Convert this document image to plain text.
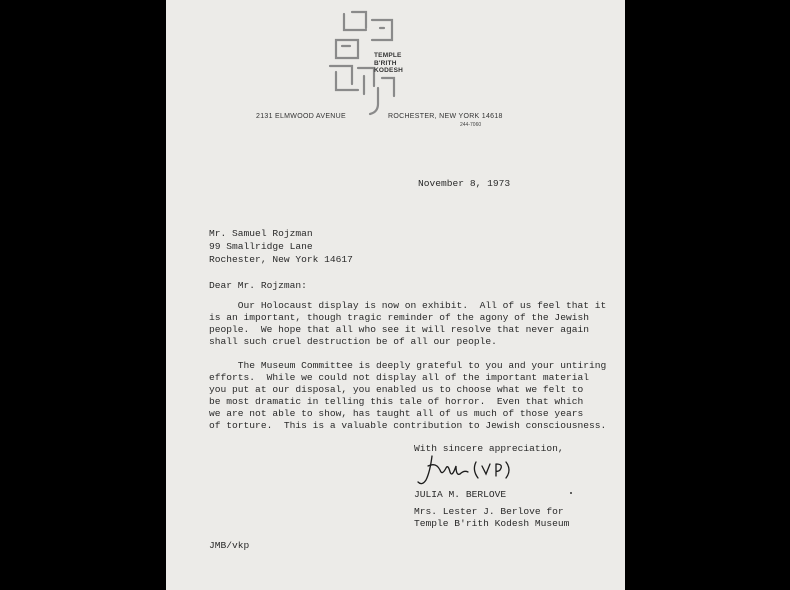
TEMPLE
B'RITH
KODESH
2131 ELMWOOD AVENUE	ROCHESTER, NEW YORK 14618
244-7060
November 8, 1973
Mr. Samuel Rojzman
99 Smallridge Lane
Rochester, New York 14617
Dear Mr. Rojzman:
Our Holocaust display is now on exhibit.  All of us feel that it
is an important, though tragic reminder of the agony of the Jewish
people.  We hope that all who see it will resolve that never again
shall such cruel destruction be of all our people.
The Museum Committee is deeply grateful to you and your untiring
efforts.  While we could not display all of the important material
you put at our disposal, you enabled us to choose what we felt to
be most dramatic in telling this tale of horror.  Even that which
we are not able to show, has taught all of us much of those years
of torture.  This is a valuable contribution to Jewish consciousness.
With sincere appreciation,
JULIA M. BERLOVE
Mrs. Lester J. Berlove for
Temple B'rith Kodesh Museum
JMB/vkp
